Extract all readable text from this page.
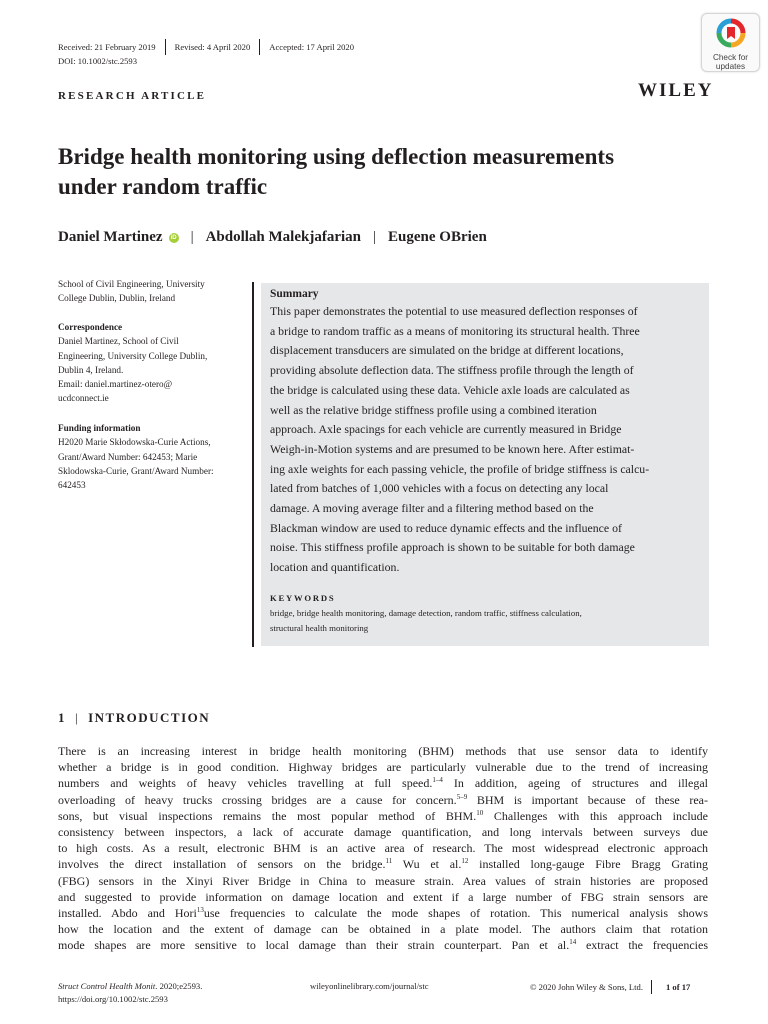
Received: 21 February 2019 Revised: 4 April 2020 Accepted: 17 April 2020
DOI: 10.1002/stc.2593	Check for
updates
WILEY
RESEARCH ARTICLE
Bridge health monitoring using deflection measurements
under random traffic
Daniel Martinez	iD | Abdollah Malekjafarian | Eugene OBrien
School of Civil Engineering, University
College Dublin, Dublin, Ireland
Correspondence
Daniel Martinez, School of Civil
Engineering, University College Dublin,
Dublin 4, Ireland.
Email: daniel.martinez-otero@
ucdconnect.ie
Funding information
H2020 Marie Skłodowska-Curie Actions,
Grant/Award Number: 642453; Marie
Sklodowska-Curie, Grant/Award Number:
642453
Summary
This paper demonstrates the potential to use measured deflection responses of
a bridge to random traffic as a means of monitoring its structural health. Three
displacement transducers are simulated on the bridge at different locations,
providing absolute deflection data. The stiffness profile through the length of
the bridge is calculated using these data. Vehicle axle loads are calculated as
well as the relative bridge stiffness profile using a combined iteration
approach. Axle spacings for each vehicle are currently measured in Bridge
Weigh-in-Motion systems and are presumed to be known here. After estimat-
ing axle weights for each passing vehicle, the profile of bridge stiffness is calcu-
lated from batches of 1,000 vehicles with a focus on detecting any local
damage. A moving average filter and a filtering method based on the
Blackman window are used to reduce dynamic effects and the influence of
noise. This stiffness profile approach is shown to be suitable for both damage
location and quantification.
KEYWORDS
bridge, bridge health monitoring, damage detection, random traffic, stiffness calculation,
structural health monitoring
1 | INTRODUCTION
There is an increasing interest in bridge health monitoring (BHM) methods that use sensor data to identify
whether a bridge is in good condition. Highway bridges are particularly vulnerable due to the trend of increasing
numbers and weights of heavy vehicles travelling at full speed.$^{1-4}$ In addition, ageing of structures and illegal
overloading of heavy trucks crossing bridges are a cause for concern.$^{5-9}$ BHM is important because of these rea-
sons, but visual inspections remains the most popular method of BHM.$^{10}$ Challenges with this approach include
consistency between inspectors, a lack of accurate damage quantification, and long intervals between surveys due
to high costs. As a result, electronic BHM is an active area of research. The most widespread electronic approach
involves the direct installation of sensors on the bridge.$^{11}$ Wu et al.$^{12}$ installed long-gauge Fibre Bragg Grating
(FBG) sensors in the Xinyi River Bridge in China to measure strain. Area values of strain histories are proposed
and suggested to provide information on damage location and extent if a large number of FBG strain sensors are
installed. Abdo and Hori$^{13}$use frequencies to calculate the mode shapes of rotation. This numerical analysis shows
how the location and the extent of damage can be obtained in a plate model. The authors claim that rotation
mode shapes are more sensitive to local damage than their strain counterpart. Pan et al.$^{14}$ extract the frequencies
Struct Control Health Monit. 2020;e2593.
https://doi.org/10.1002/stc.2593
wileyonlinelibrary.com/journal/stc	© 2020 John Wiley & Sons, Ltd.	1 of 17
